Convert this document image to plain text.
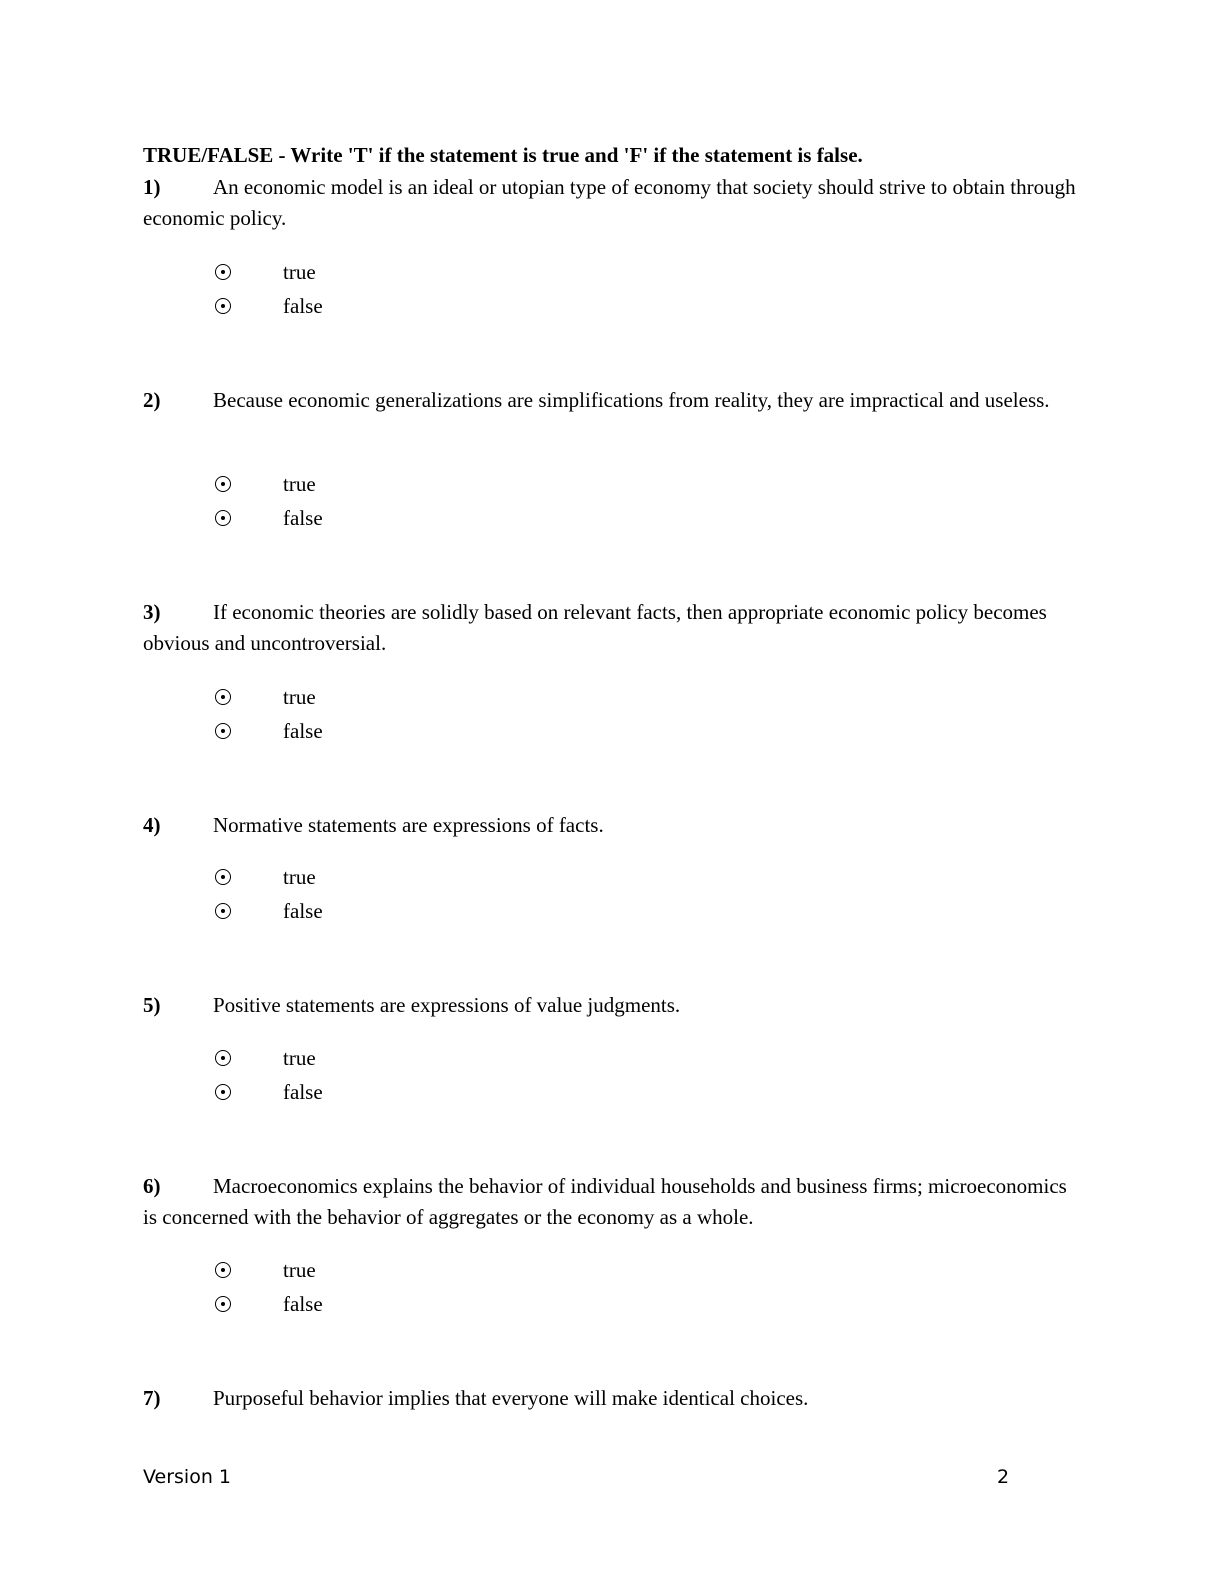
TRUE/FALSE - Write 'T' if the statement is true and 'F' if the statement is false.
1)	An economic model is an ideal or utopian type of economy that society should strive to obtain through economic policy.
true
false
2)	Because economic generalizations are simplifications from reality, they are impractical and useless.
true
false
3)	If economic theories are solidly based on relevant facts, then appropriate economic policy becomes obvious and uncontroversial.
true
false
4)	Normative statements are expressions of facts.
true
false
5)	Positive statements are expressions of value judgments.
true
false
6)	Macroeconomics explains the behavior of individual households and business firms; microeconomics is concerned with the behavior of aggregates or the economy as a whole.
true
false
7)	Purposeful behavior implies that everyone will make identical choices.
Version 1	2
